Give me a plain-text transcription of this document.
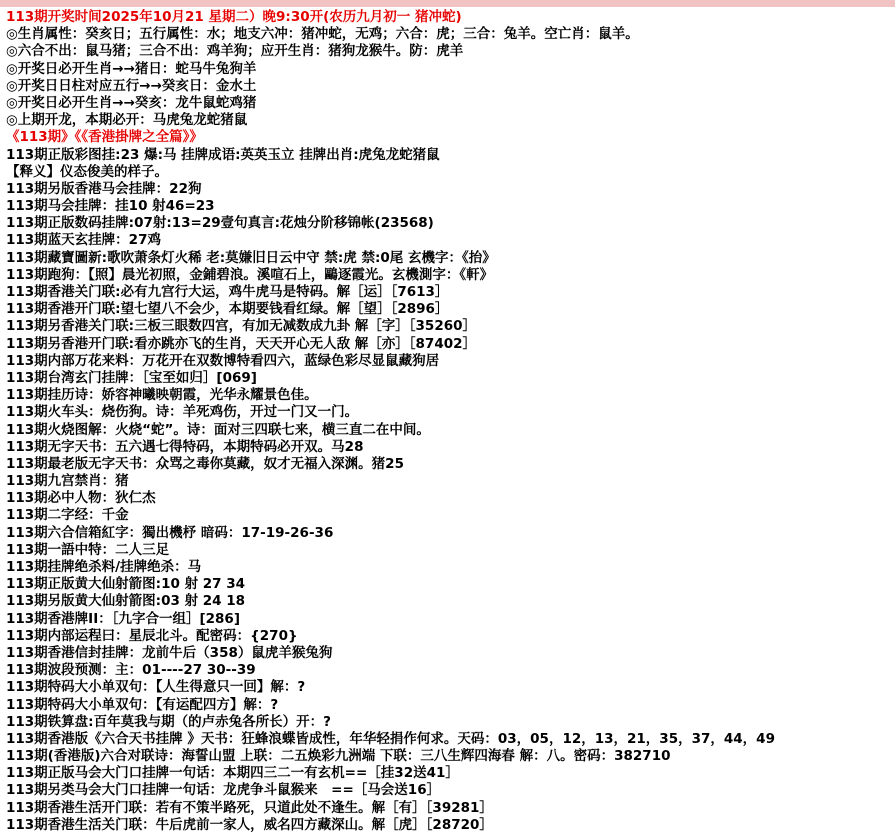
113期开奖时间2025年10月21 星期二）晚9:30开(农历九月初一 猪冲蛇)
◎生肖属性：癸亥日；五行属性：水；地支六冲：猪冲蛇，无鸡；六合：虎；三合：兔羊。空亡肖：鼠羊。
◎六合不出：鼠马猪；三合不出：鸡羊狗；应开生肖：猪狗龙猴牛。防：虎羊
◎开奖日必开生肖→→猪日：蛇马牛兔狗羊
◎开奖日日柱对应五行→→癸亥日：金水土
◎开奖日必开生肖→→癸亥：龙牛鼠蛇鸡猪
◎上期开龙，本期必开：马虎兔龙蛇猪鼠
《113期》《《香港掛牌之全篇》》
113期正版彩图挂:23 爆:马 挂牌成语:英英玉立 挂牌出肖:虎兔龙蛇猪鼠
【释义】仪态俊美的样子。
113期另版香港马会挂牌：22狗
113期马会挂牌：挂10 射46=23
113期正版数码挂牌:07射:13=29壹句真言:花烛分阶移锦帐(23568)
113期蓝天玄挂牌：27鸡
113期藏寶圖新:歌吹萧条灯火稀 老:莫嫌旧日云中守 禁:虎 禁:0尾 玄機字：《抬》
113期跑狗：【照】晨光初照，金鋪碧浪。溪喧石上，鷗逐霞光。玄機測字：《軒》
113期香港关门联:必有九宫行大运，鸡牛虎马是特码。解［运］［7613］
113期香港开门联:望七望八不会少，本期要钱看红绿。解［望］［2896］
113期另香港关门联:三板三眼数四宫，有加无减数成九卦 解［字］［35260］
113期另香港开门联:看亦跳亦飞的生肖，天天开心无人敌 解［亦］［87402］
113期内部万花来料：万花开在双数博特看四六，蓝绿色彩尽显鼠藏狗居
113期台湾玄门挂牌：［宝至如归］[069]
113期挂历诗：娇容神曦映朝霞，光华永耀景色佳。
113期火车头：烧伤狗。诗：羊死鸡伤，开过一门又一门。
113期火烧图解：火烧“蛇”。诗：面对三四联七来，横三直二在中间。
113期无字天书：五六遇七得特码，本期特码必开双。马28
113期最老版无字天书：众骂之毒你莫藏，奴才无福入深渊。猪25
113期九宫禁肖：猪
113期必中人物：狄仁杰
113期二字经：千金
113期六合信箱紅字：獨出機杼 暗码：17-19-26-36
113期一語中特：二人三足
113期挂牌绝杀料/挂牌绝杀：马
113期正版黄大仙射箭图:10 射 27 34
113期另版黄大仙射箭图:03 射 24 18
113期香港牌II：［九字合一组］[286]
113期内部运程曰：星辰北斗。配密码：{270}
113期香港信封挂牌：龙前牛后（358）鼠虎羊猴兔狗
113期波段预测：主：01----27 30--39
113期特码大小单双句：【人生得意只一回】解：?
113期特码大小单双句：【有运配四方】解：?
113期铁算盘:百年莫我与期（的卢赤兔各所长）开：?
113期香港版《六合天书挂牌 》天书：狂蜂浪蝶皆成性，年华轻捐作何求。天码：03，05，12，13，21，35，37，44，49
113期(香港版)六合对联诗：海誓山盟 上联：二五焕彩九洲端 下联：三八生辉四海春 解：八。密码：382710
113期正版马会大门口挂牌一句话：本期四三二一有玄机==［挂32送41］
113期另类马会大门口挂牌一句话：龙虎争斗鼠猴来　==［马会送16］
113期香港生活开门联：若有不策半路死，只道此处不逢生。解［有］［39281］
113期香港生活关门联：牛后虎前一家人，威名四方藏深山。解［虎］［28720］
